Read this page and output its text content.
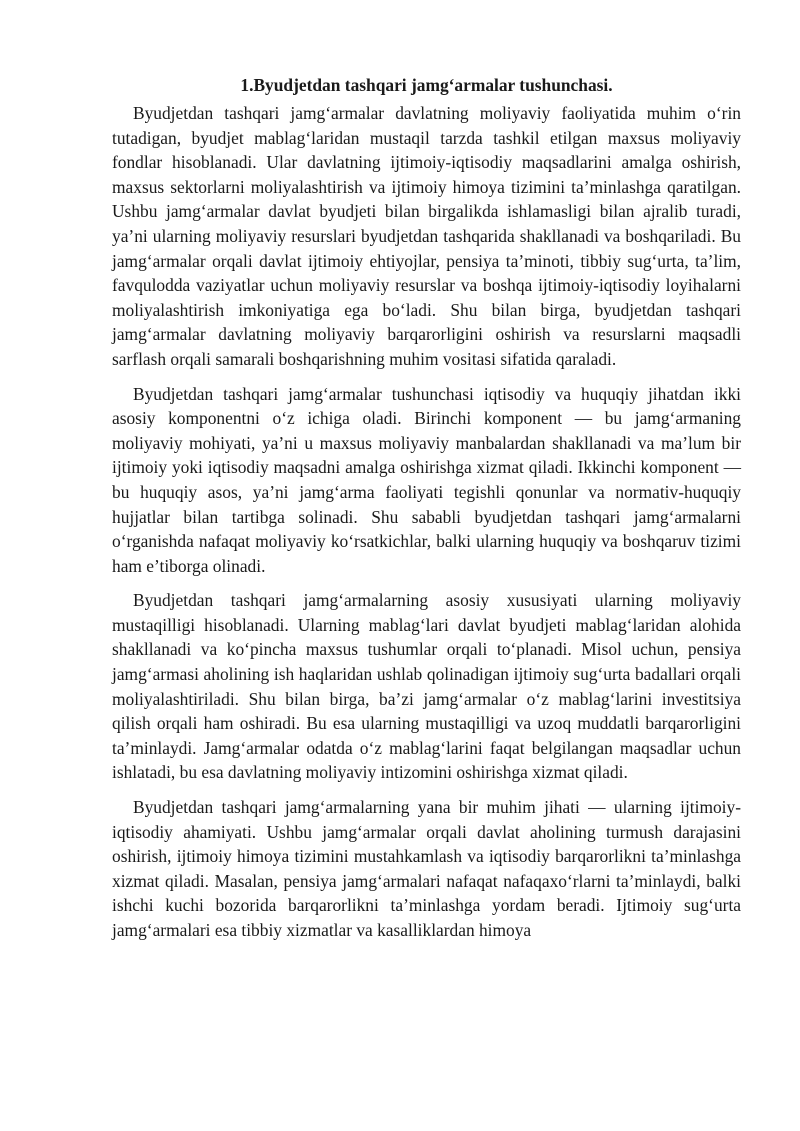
1.Byudjetdan tashqari jamg‘armalar tushunchasi.

Byudjetdan tashqari jamg‘armalar davlatning moliyaviy faoliyatida muhim o‘rin tutadigan, byudjet mablag‘laridan mustaqil tarzda tashkil etilgan maxsus moliyaviy fondlar hisoblanadi. Ular davlatning ijtimoiy-iqtisodiy maqsadlarini amalga oshirish, maxsus sektorlarni moliyalashtirish va ijtimoiy himoya tizimini ta’minlashga qaratilgan. Ushbu jamg‘armalar davlat byudjeti bilan birgalikda ishlamasligi bilan ajralib turadi, ya’ni ularning moliyaviy resurslari byudjetdan tashqarida shakllanadi va boshqariladi. Bu jamg‘armalar orqali davlat ijtimoiy ehtiyojlar, pensiya ta’minoti, tibbiy sug‘urta, ta’lim, favqulodda vaziyatlar uchun moliyaviy resurslar va boshqa ijtimoiy-iqtisodiy loyihalarni moliyalashtirish imkoniyatiga ega bo‘ladi. Shu bilan birga, byudjetdan tashqari jamg‘armalar davlatning moliyaviy barqarorligini oshirish va resurslarni maqsadli sarflash orqali samarali boshqarishning muhim vositasi sifatida qaraladi.

Byudjetdan tashqari jamg‘armalar tushunchasi iqtisodiy va huquqiy jihatdan ikki asosiy komponentni o‘z ichiga oladi. Birinchi komponent — bu jamg‘armaning moliyaviy mohiyati, ya’ni u maxsus moliyaviy manbalardan shakllanadi va ma’lum bir ijtimoiy yoki iqtisodiy maqsadni amalga oshirishga xizmat qiladi. Ikkinchi komponent — bu huquqiy asos, ya’ni jamg‘arma faoliyati tegishli qonunlar va normativ-huquqiy hujjatlar bilan tartibga solinadi. Shu sababli byudjetdan tashqari jamg‘armalarni o‘rganishda nafaqat moliyaviy ko‘rsatkichlar, balki ularning huquqiy va boshqaruv tizimi ham e’tiborga olinadi.

Byudjetdan tashqari jamg‘armalarning asosiy xususiyati ularning moliyaviy mustaqilligi hisoblanadi. Ularning mablag‘lari davlat byudjeti mablag‘laridan alohida shakllanadi va ko‘pincha maxsus tushumlar orqali to‘planadi. Misol uchun, pensiya jamg‘armasi aholining ish haqlaridan ushlab qolinadigan ijtimoiy sug‘urta badallari orqali moliyalashtiriladi. Shu bilan birga, ba’zi jamg‘armalar o‘z mablag‘larini investitsiya qilish orqali ham oshiradi. Bu esa ularning mustaqilligi va uzoq muddatli barqarorligini ta’minlaydi. Jamg‘armalar odatda o‘z mablag‘larini faqat belgilangan maqsadlar uchun ishlatadi, bu esa davlatning moliyaviy intizomini oshirishga xizmat qiladi.

Byudjetdan tashqari jamg‘armalarning yana bir muhim jihati — ularning ijtimoiy-iqtisodiy ahamiyati. Ushbu jamg‘armalar orqali davlat aholining turmush darajasini oshirish, ijtimoiy himoya tizimini mustahkamlash va iqtisodiy barqarorlikni ta’minlashga xizmat qiladi. Masalan, pensiya jamg‘armalari nafaqat nafaqaxo‘rlarni ta’minlaydi, balki ishchi kuchi bozorida barqarorlikni ta’minlashga yordam beradi. Ijtimoiy sug‘urta jamg‘armalari esa tibbiy xizmatlar va kasalliklardan himoya
